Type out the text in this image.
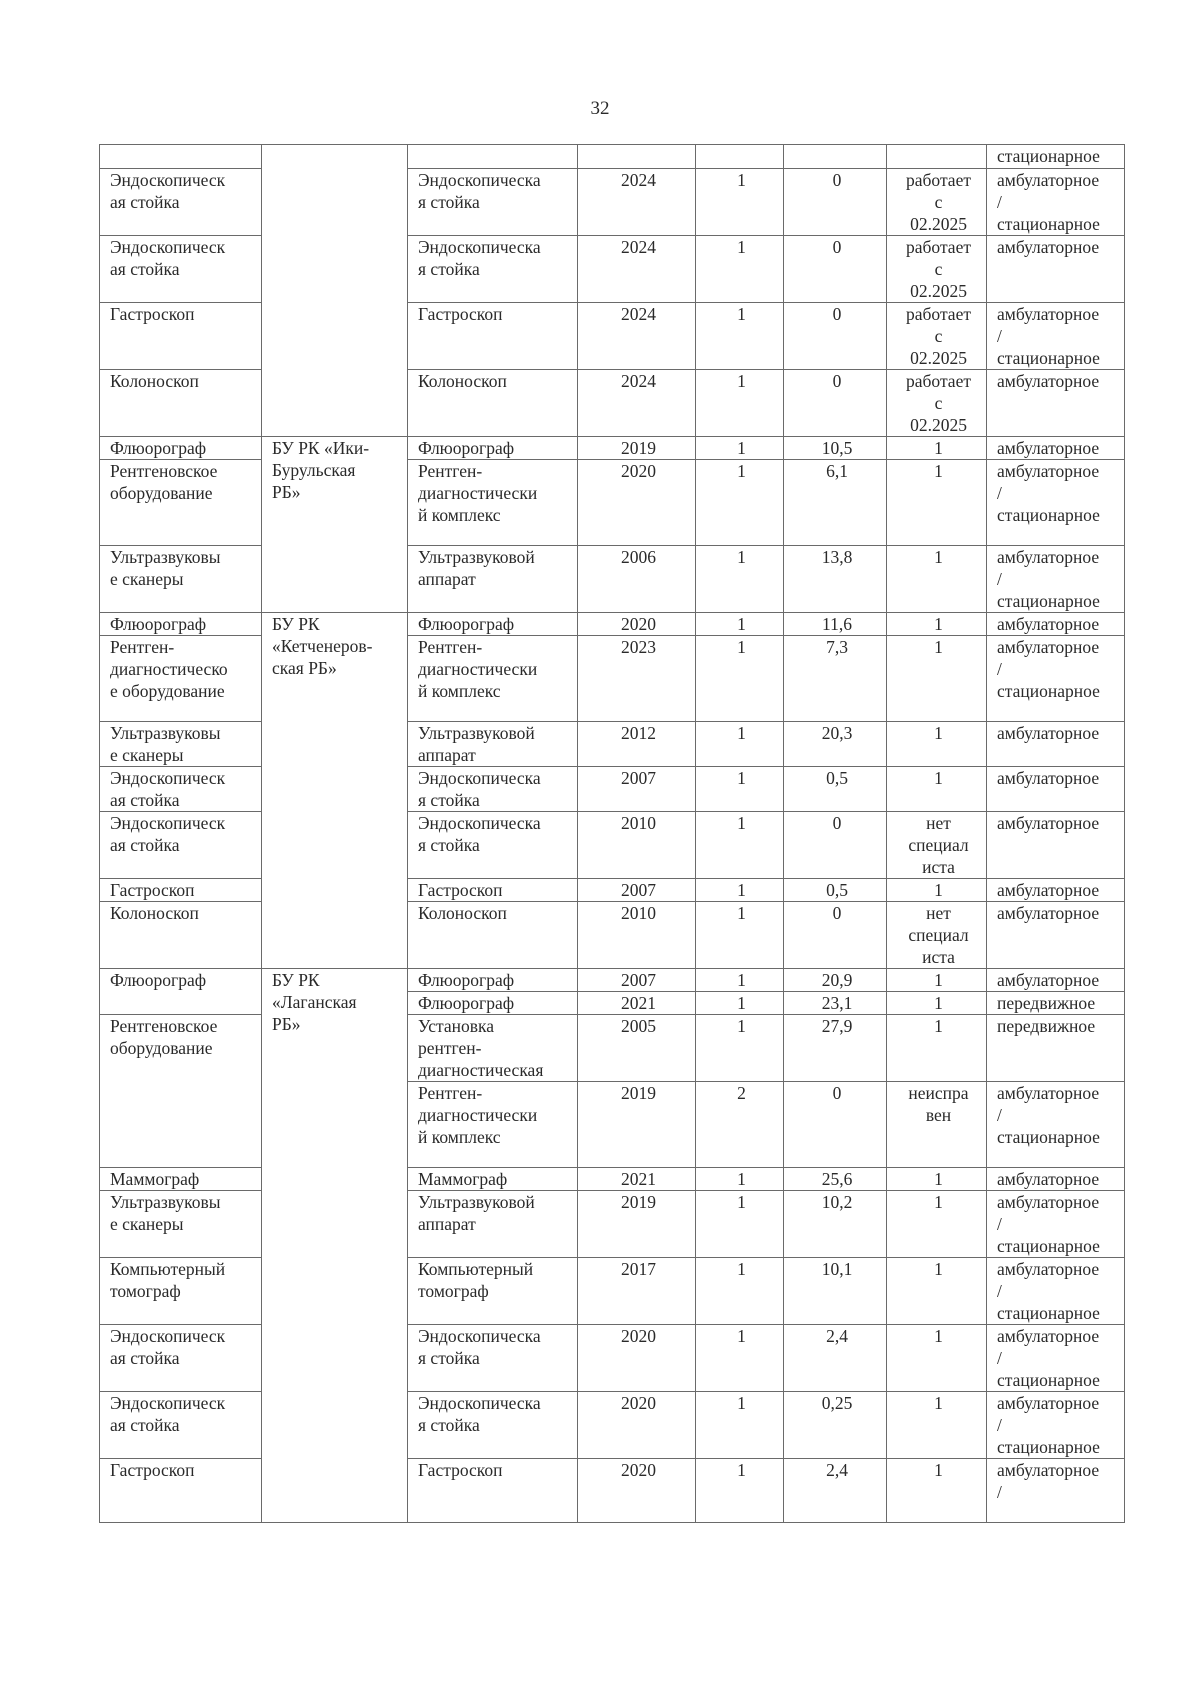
32
							стационарное
Эндоскопическ
ая стойка		Эндоскопическа
я стойка	2024	1	0	работает
с
02.2025	амбулаторное
/
стационарное
Эндоскопическ
ая стойка		Эндоскопическа
я стойка	2024	1	0	работает
с
02.2025	амбулаторное
Гастроскоп		Гастроскоп	2024	1	0	работает
с
02.2025	амбулаторное
/
стационарное
Колоноскоп		Колоноскоп	2024	1	0	работает
с
02.2025	амбулаторное
Флюорограф	БУ РК «Ики-
Бурульская
РБ»	Флюорограф	2019	1	10,5	1	амбулаторное
Рентгеновское
оборудование		Рентген-
диагностически
й комплекс	2020	1	6,1	1	амбулаторное
/
стационарное
Ультразвуковы
е сканеры		Ультразвуковой
аппарат	2006	1	13,8	1	амбулаторное
/
стационарное
Флюорограф	БУ РК
«Кетченеров-
ская РБ»	Флюорограф	2020	1	11,6	1	амбулаторное
Рентген-
диагностическо
е оборудование		Рентген-
диагностически
й комплекс	2023	1	7,3	1	амбулаторное
/
стационарное
Ультразвуковы
е сканеры		Ультразвуковой
аппарат	2012	1	20,3	1	амбулаторное
Эндоскопическ
ая стойка		Эндоскопическа
я стойка	2007	1	0,5	1	амбулаторное
Эндоскопическ
ая стойка		Эндоскопическа
я стойка	2010	1	0	нет
специал
иста	амбулаторное
Гастроскоп		Гастроскоп	2007	1	0,5	1	амбулаторное
Колоноскоп		Колоноскоп	2010	1	0	нет
специал
иста	амбулаторное
Флюорограф	БУ РК
«Лаганская
РБ»	Флюорограф	2007	1	20,9	1	амбулаторное
		Флюорограф	2021	1	23,1	1	передвижное
Рентгеновское
оборудование		Установка
рентген-
диагностическая	2005	1	27,9	1	передвижное
		Рентген-
диагностически
й комплекс	2019	2	0	неиспра
вен	амбулаторное
/
стационарное
Маммограф		Маммограф	2021	1	25,6	1	амбулаторное
Ультразвуковы
е сканеры		Ультразвуковой
аппарат	2019	1	10,2	1	амбулаторное
/
стационарное
Компьютерный
томограф		Компьютерный
томограф	2017	1	10,1	1	амбулаторное
/
стационарное
Эндоскопическ
ая стойка		Эндоскопическа
я стойка	2020	1	2,4	1	амбулаторное
/
стационарное
Эндоскопическ
ая стойка		Эндоскопическа
я стойка	2020	1	0,25	1	амбулаторное
/
стационарное
Гастроскоп		Гастроскоп	2020	1	2,4	1	амбулаторное
/
